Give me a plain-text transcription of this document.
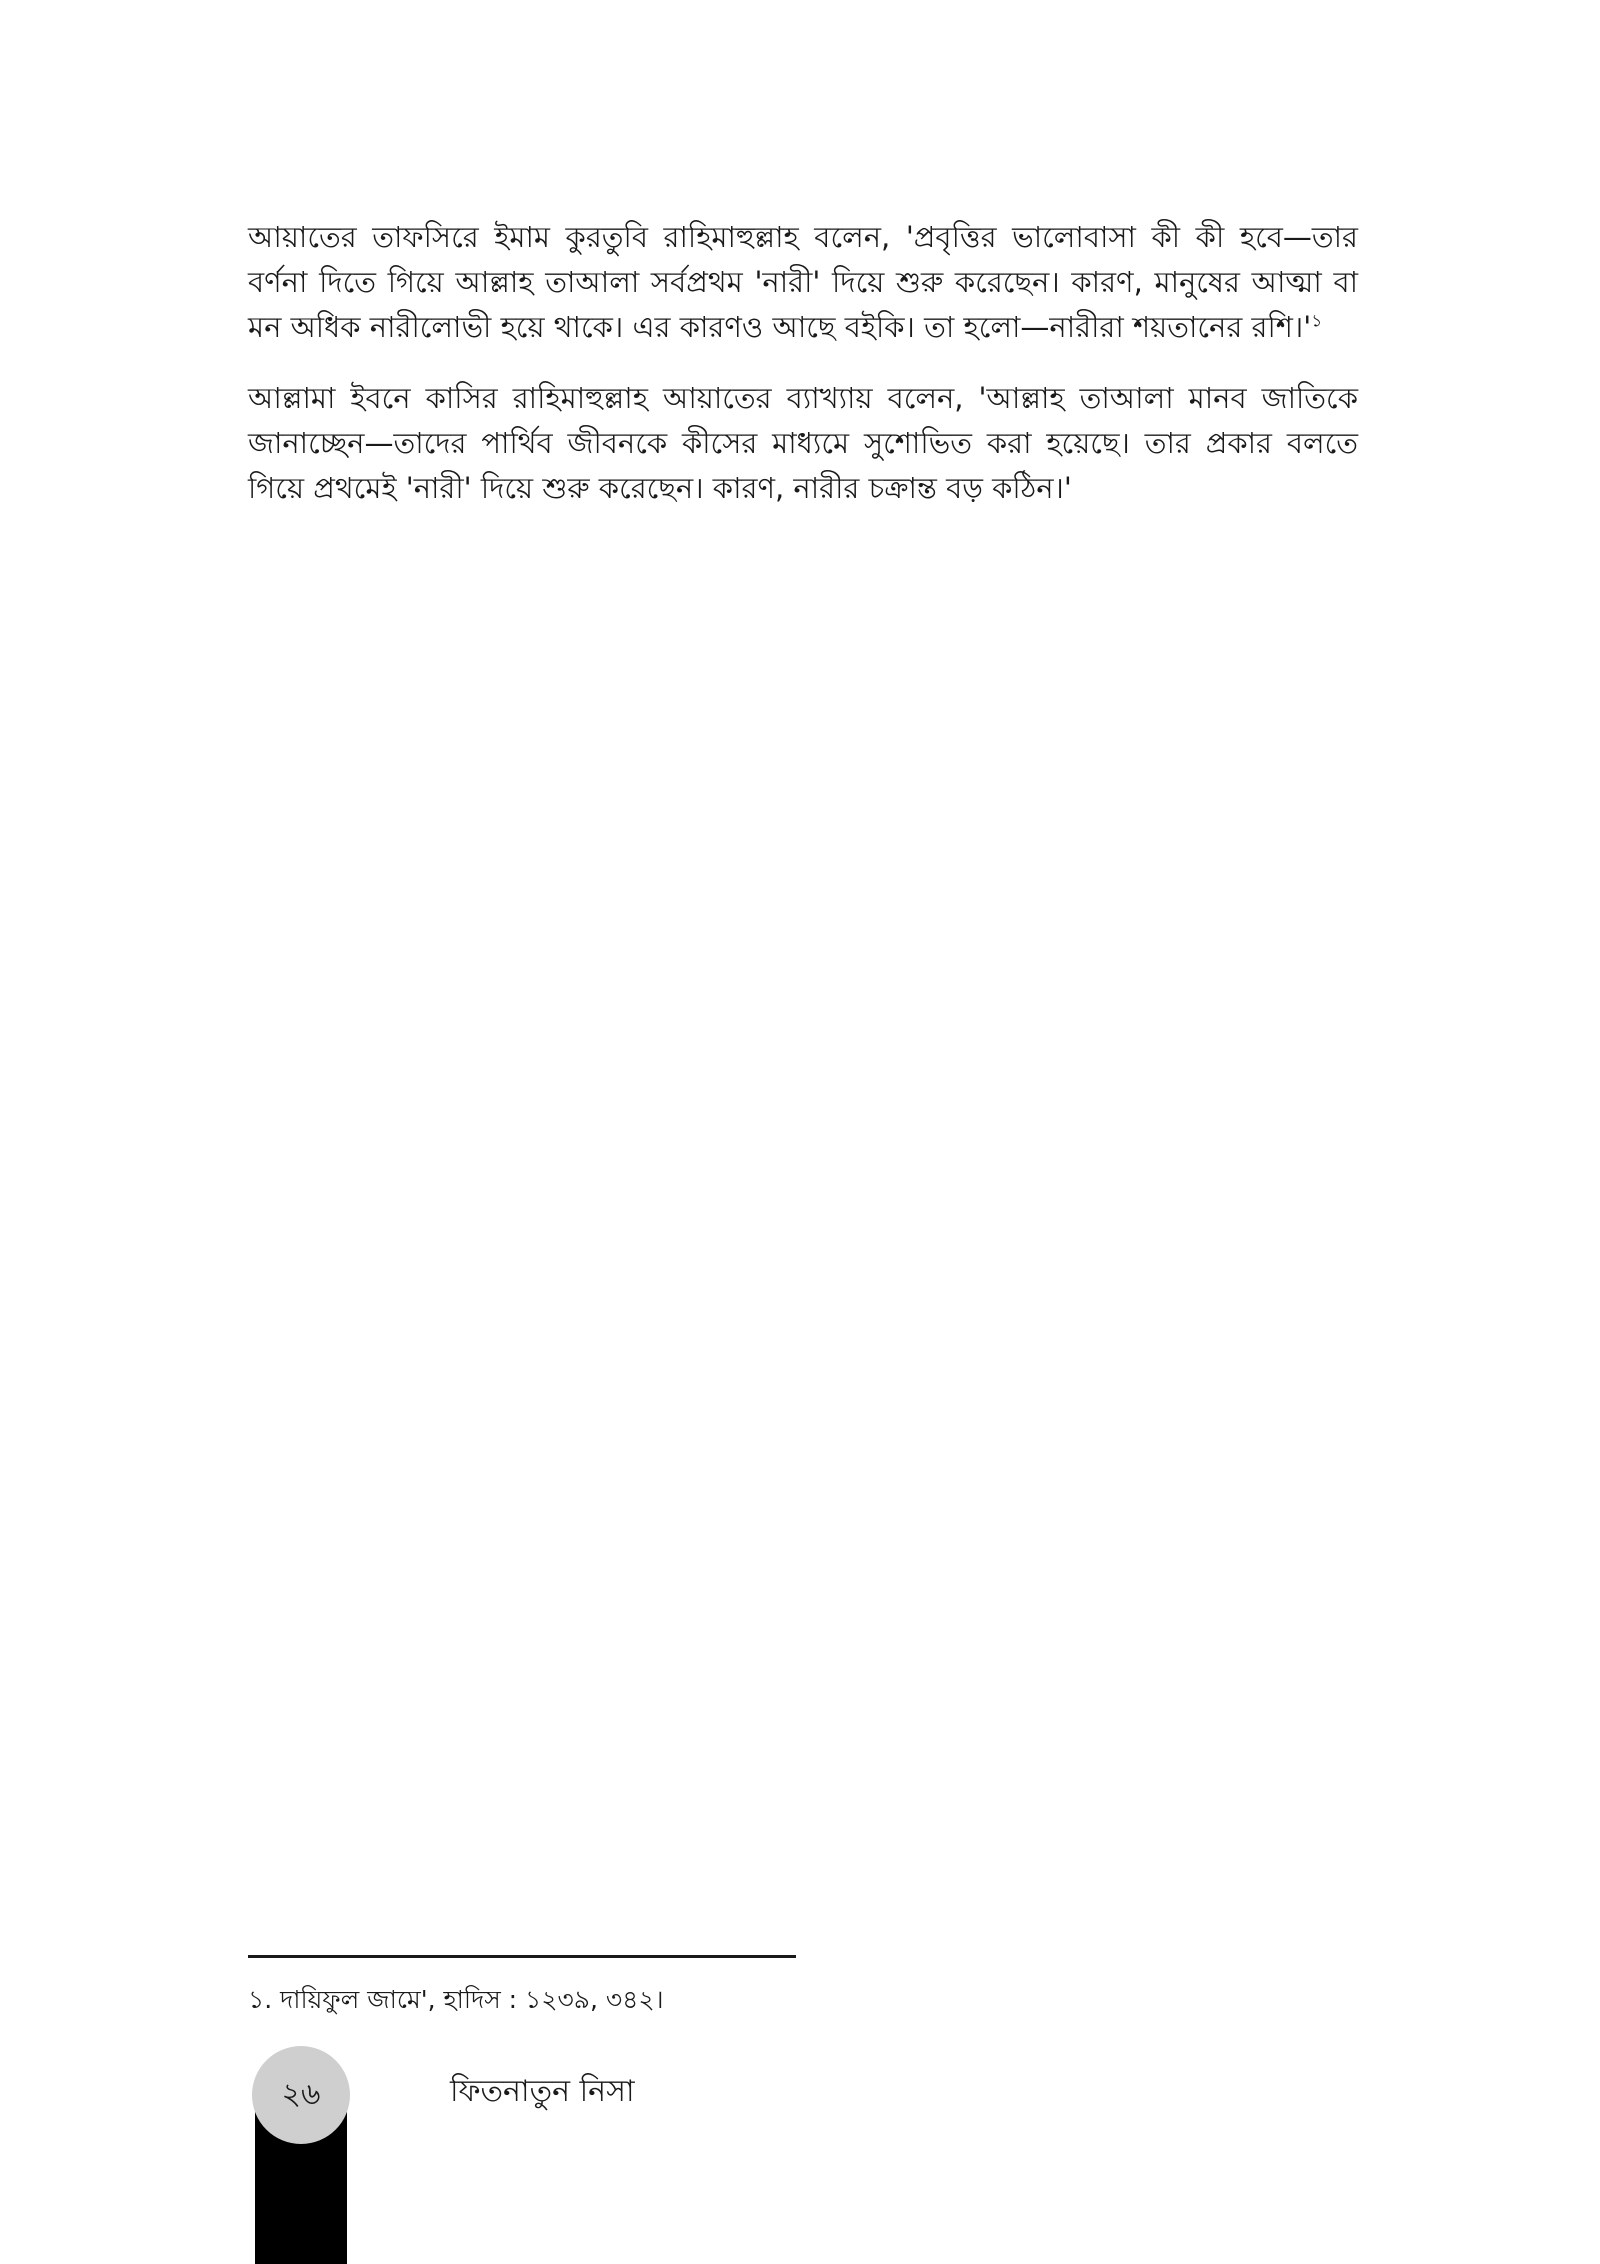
আয়াতের তাফসিরে ইমাম কুরতুবি রাহিমাহুল্লাহ বলেন, 'প্রবৃত্তির ভালোবাসা কী কী হবে—তার বর্ণনা দিতে গিয়ে আল্লাহ তাআলা সর্বপ্রথম 'নারী' দিয়ে শুরু করেছেন। কারণ, মানুষের আত্মা বা মন অধিক নারীলোভী হয়ে থাকে। এর কারণও আছে বইকি। তা হলো—নারীরা শয়তানের রশি।'$^১$

আল্লামা ইবনে কাসির রাহিমাহুল্লাহ আয়াতের ব্যাখ্যায় বলেন, 'আল্লাহ তাআলা মানব জাতিকে জানাচ্ছেন—তাদের পার্থিব জীবনকে কীসের মাধ্যমে সুশোভিত করা হয়েছে। তার প্রকার বলতে গিয়ে প্রথমেই 'নারী' দিয়ে শুরু করেছেন। কারণ, নারীর চক্রান্ত বড় কঠিন।'

১. দায়িফুল জামে', হাদিস : ১২৩৯, ৩৪২।
২৬	ফিতনাতুন নিসা
